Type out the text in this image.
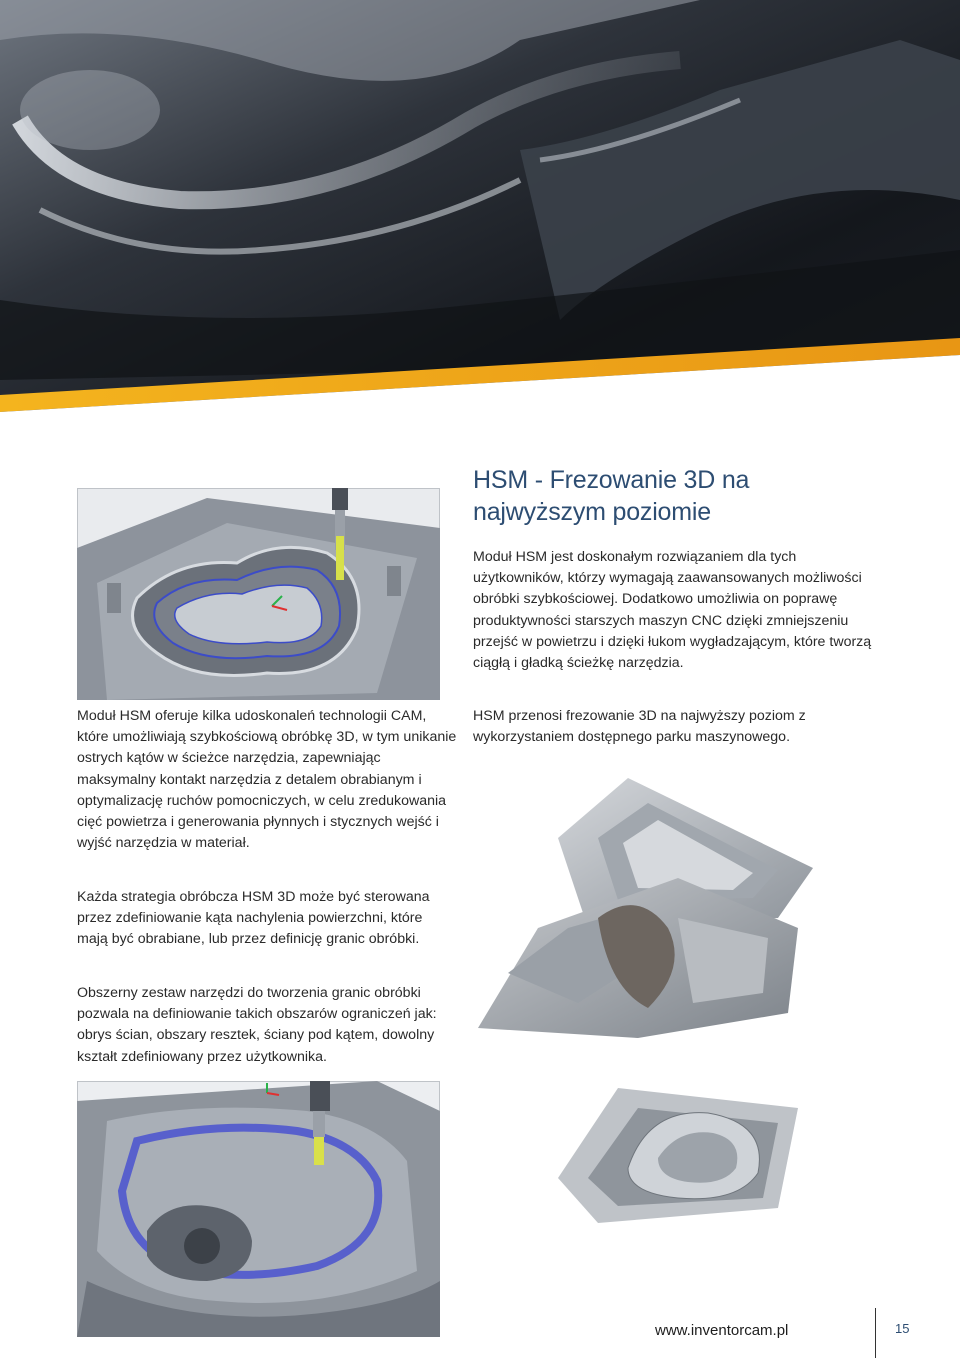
HSM - Frezowanie 3D na
najwyższym poziomie

Moduł HSM jest doskonałym rozwiązaniem dla tych użytkowników, którzy wymagają zaawansowanych możliwości obróbki szybkościowej. Dodatkowo umożliwia on poprawę produktywności starszych maszyn CNC dzięki zmniejszeniu przejść w powietrzu i dzięki łukom wygładzającym, które tworzą ciągłą i gładką ścieżkę narzędzia.

HSM przenosi frezowanie 3D na najwyższy poziom z wykorzystaniem dostępnego parku maszynowego.

Moduł HSM oferuje kilka udoskonaleń technologii CAM, które umożliwiają szybkościową obróbkę 3D, w tym unikanie ostrych kątów w ścieżce narzędzia, zapewniając maksymalny kontakt narzędzia z detalem obrabianym i optymalizację ruchów pomocniczych, w celu zredukowania cięć powietrza i generowania płynnych i stycznych wejść i wyjść narzędzia w materiał.

Każda strategia obróbcza HSM 3D może być sterowana przez zdefiniowanie kąta nachylenia powierzchni, które mają być obrabiane, lub przez definicję granic obróbki.

Obszerny zestaw narzędzi do tworzenia granic obróbki pozwala na definiowanie takich obszarów ograniczeń jak: obrys ścian, obszary resztek, ściany pod kątem, dowolny kształt zdefiniowany przez użytkownika.

www.inventorcam.pl	15
